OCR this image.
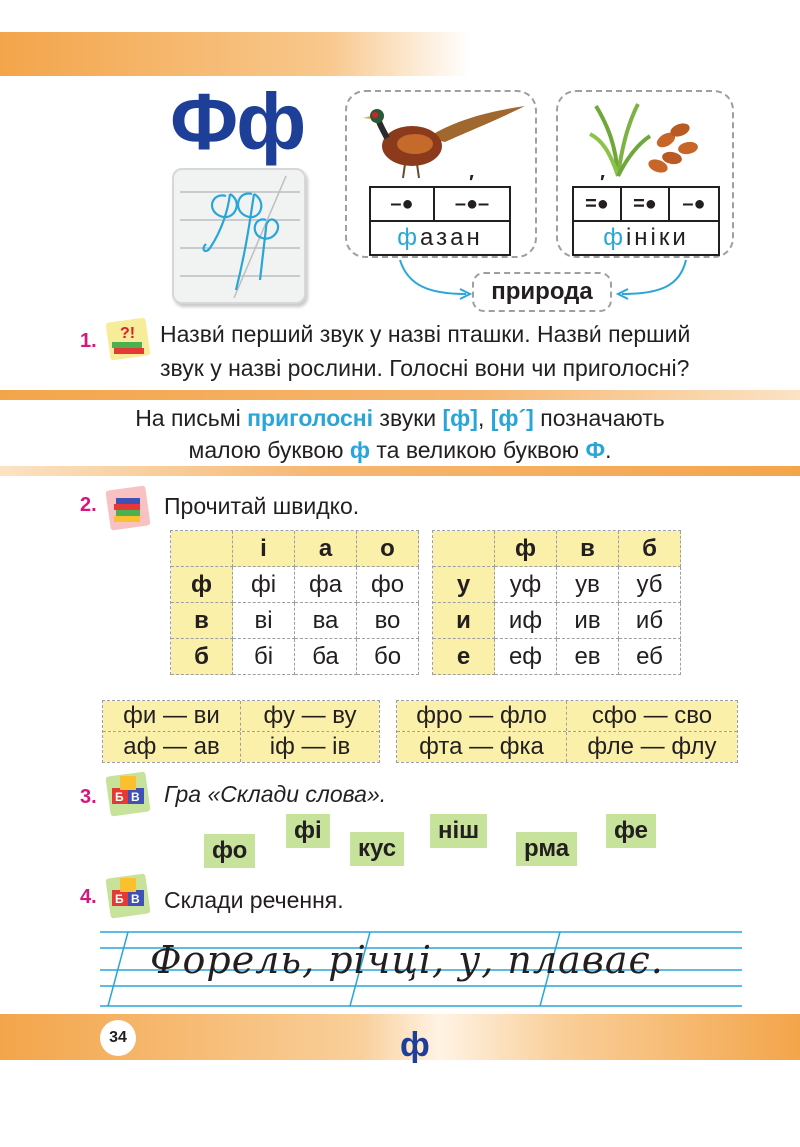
Фф
–●	–●–
′
ф азан
=●
′
=●	–●
ф ініки
природа
1. ?! Назви́ перший звук у назві пташки. Назви́ перший
звук у назві рослини. Голосні вони чи приголосні?
На письмі приголосні звуки [ф], [ф´] позначають
малою буквою ф та великою буквою Ф.
2.	Прочитай швидко.
	і	а	о
ф	фі	фа	фо
в	ві	ва	во
б	бі	ба	бо
	ф	в	б
у	уф	ув	уб
и	иф	ив	иб
е	еф	ев	еб
фи — ви	фу — ву
аф — ав	іф — ів
фро — фло	сфо — сво
фта — фка	фле — флу
3. Б В Гра «Склади слова».
фо
фі
кус
ніш
рма
фе
4. Б В Склади речення.
Форель, річці, у, плаває.
34	ф
